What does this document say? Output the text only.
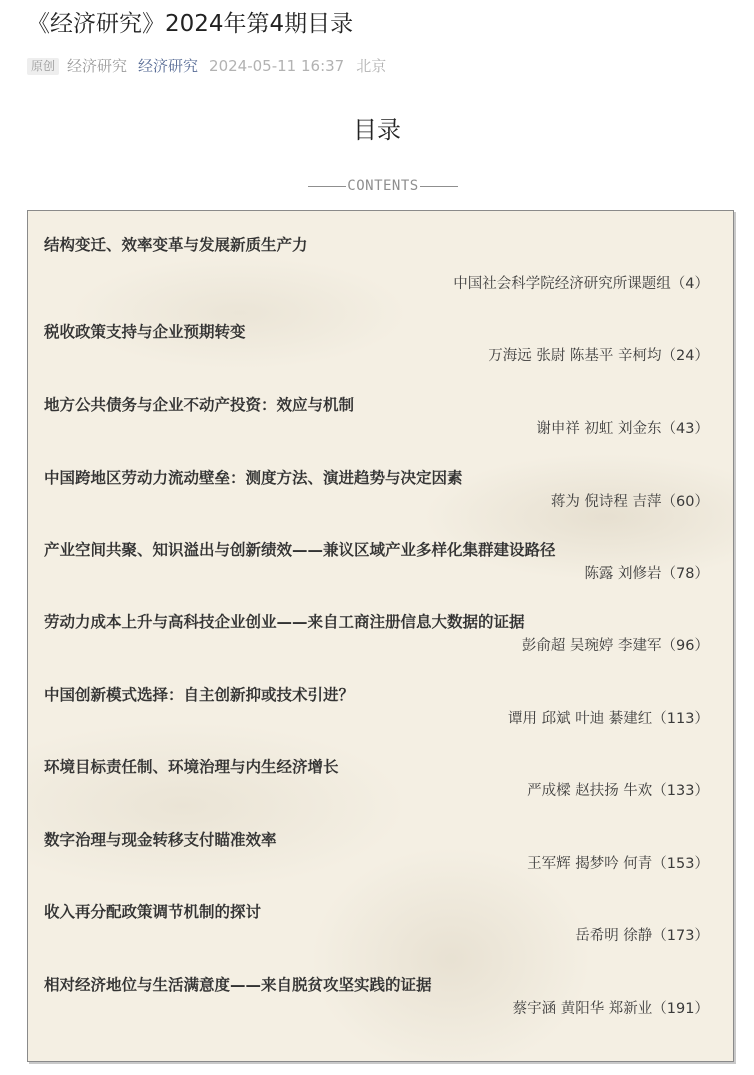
《经济研究》2024年第4期目录
原创 经济研究 经济研究 2024-05-11 16:37 北京
目录
CONTENTS
结构变迁、效率变革与发展新质生产力
中国社会科学院经济研究所课题组（4）
税收政策支持与企业预期转变
万海远 张尉 陈基平 辛柯均（24）
地方公共债务与企业不动产投资：效应与机制
谢申祥 初虹 刘金东（43）
中国跨地区劳动力流动壁垒：测度方法、演进趋势与决定因素
蒋为 倪诗程 吉萍（60）
产业空间共聚、知识溢出与创新绩效——兼议区域产业多样化集群建设路径
陈露 刘修岩（78）
劳动力成本上升与高科技企业创业——来自工商注册信息大数据的证据
彭俞超 吴琬婷 李建军（96）
中国创新模式选择：自主创新抑或技术引进？
谭用 邱斌 叶迪 綦建红（113）
环境目标责任制、环境治理与内生经济增长
严成樑 赵扶扬 牛欢（133）
数字治理与现金转移支付瞄准效率
王军辉 揭梦吟 何青（153）
收入再分配政策调节机制的探讨
岳希明 徐静（173）
相对经济地位与生活满意度——来自脱贫攻坚实践的证据
蔡宇涵 黄阳华 郑新业（191）
